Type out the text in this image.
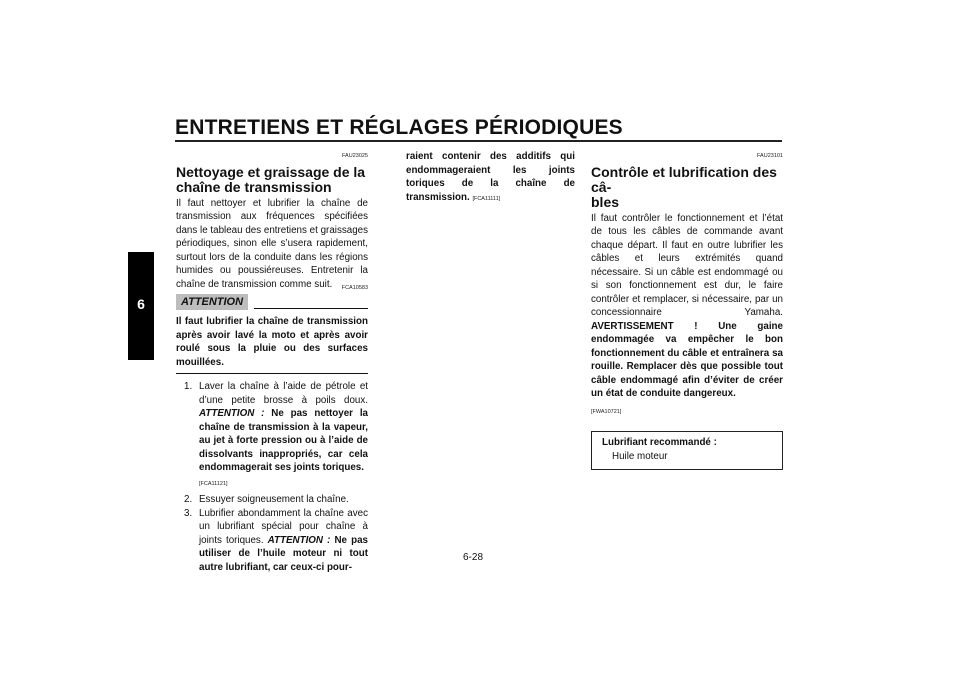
ENTRETIENS ET RÉGLAGES PÉRIODIQUES
6
FAU23025
Nettoyage et graissage de la
chaîne de transmission
Il faut nettoyer et lubrifier la chaîne de transmission aux fréquences spécifiées dans le tableau des entretiens et graissages périodiques, sinon elle s’usera rapidement, surtout lors de la conduite dans les régions humides ou poussiéreuses. Entretenir la chaîne de transmission comme suit.	FCA10583
ATTENTION
Il faut lubrifier la chaîne de transmission après avoir lavé la moto et après avoir roulé sous la pluie ou des surfaces mouillées.
1. Laver la chaîne à l’aide de pétrole et d’une petite brosse à poils doux. ATTENTION : Ne pas nettoyer la chaîne de transmission à la vapeur, au jet à forte pression ou à l’aide de dissolvants inappropriés, car cela endommagerait ses joints toriques.
[FCA11121]
2. Essuyer soigneusement la chaîne.
3. Lubrifier abondamment la chaîne avec un lubrifiant spécial pour chaîne à joints toriques. ATTENTION : Ne pas utiliser de l’huile moteur ni tout autre lubrifiant, car ceux-ci pour-
raient contenir des additifs qui endommageraient les joints toriques de la chaîne de transmission. [FCA11111]
FAU23101
Contrôle et lubrification des câ-
bles
Il faut contrôler le fonctionnement et l’état de tous les câbles de commande avant chaque départ. Il faut en outre lubrifier les câbles et leurs extrémités quand nécessaire. Si un câble est endommagé ou si son fonctionnement est dur, le faire contrôler et remplacer, si nécessaire, par un concessionnaire Yamaha. AVERTISSEMENT ! Une gaine endommagée va empêcher le bon fonctionnement du câble et entraînera sa rouille. Remplacer dès que possible tout câble endommagé afin d’éviter de créer un état de conduite dangereux.
[FWA10721]
Lubrifiant recommandé :
Huile moteur
6-28
